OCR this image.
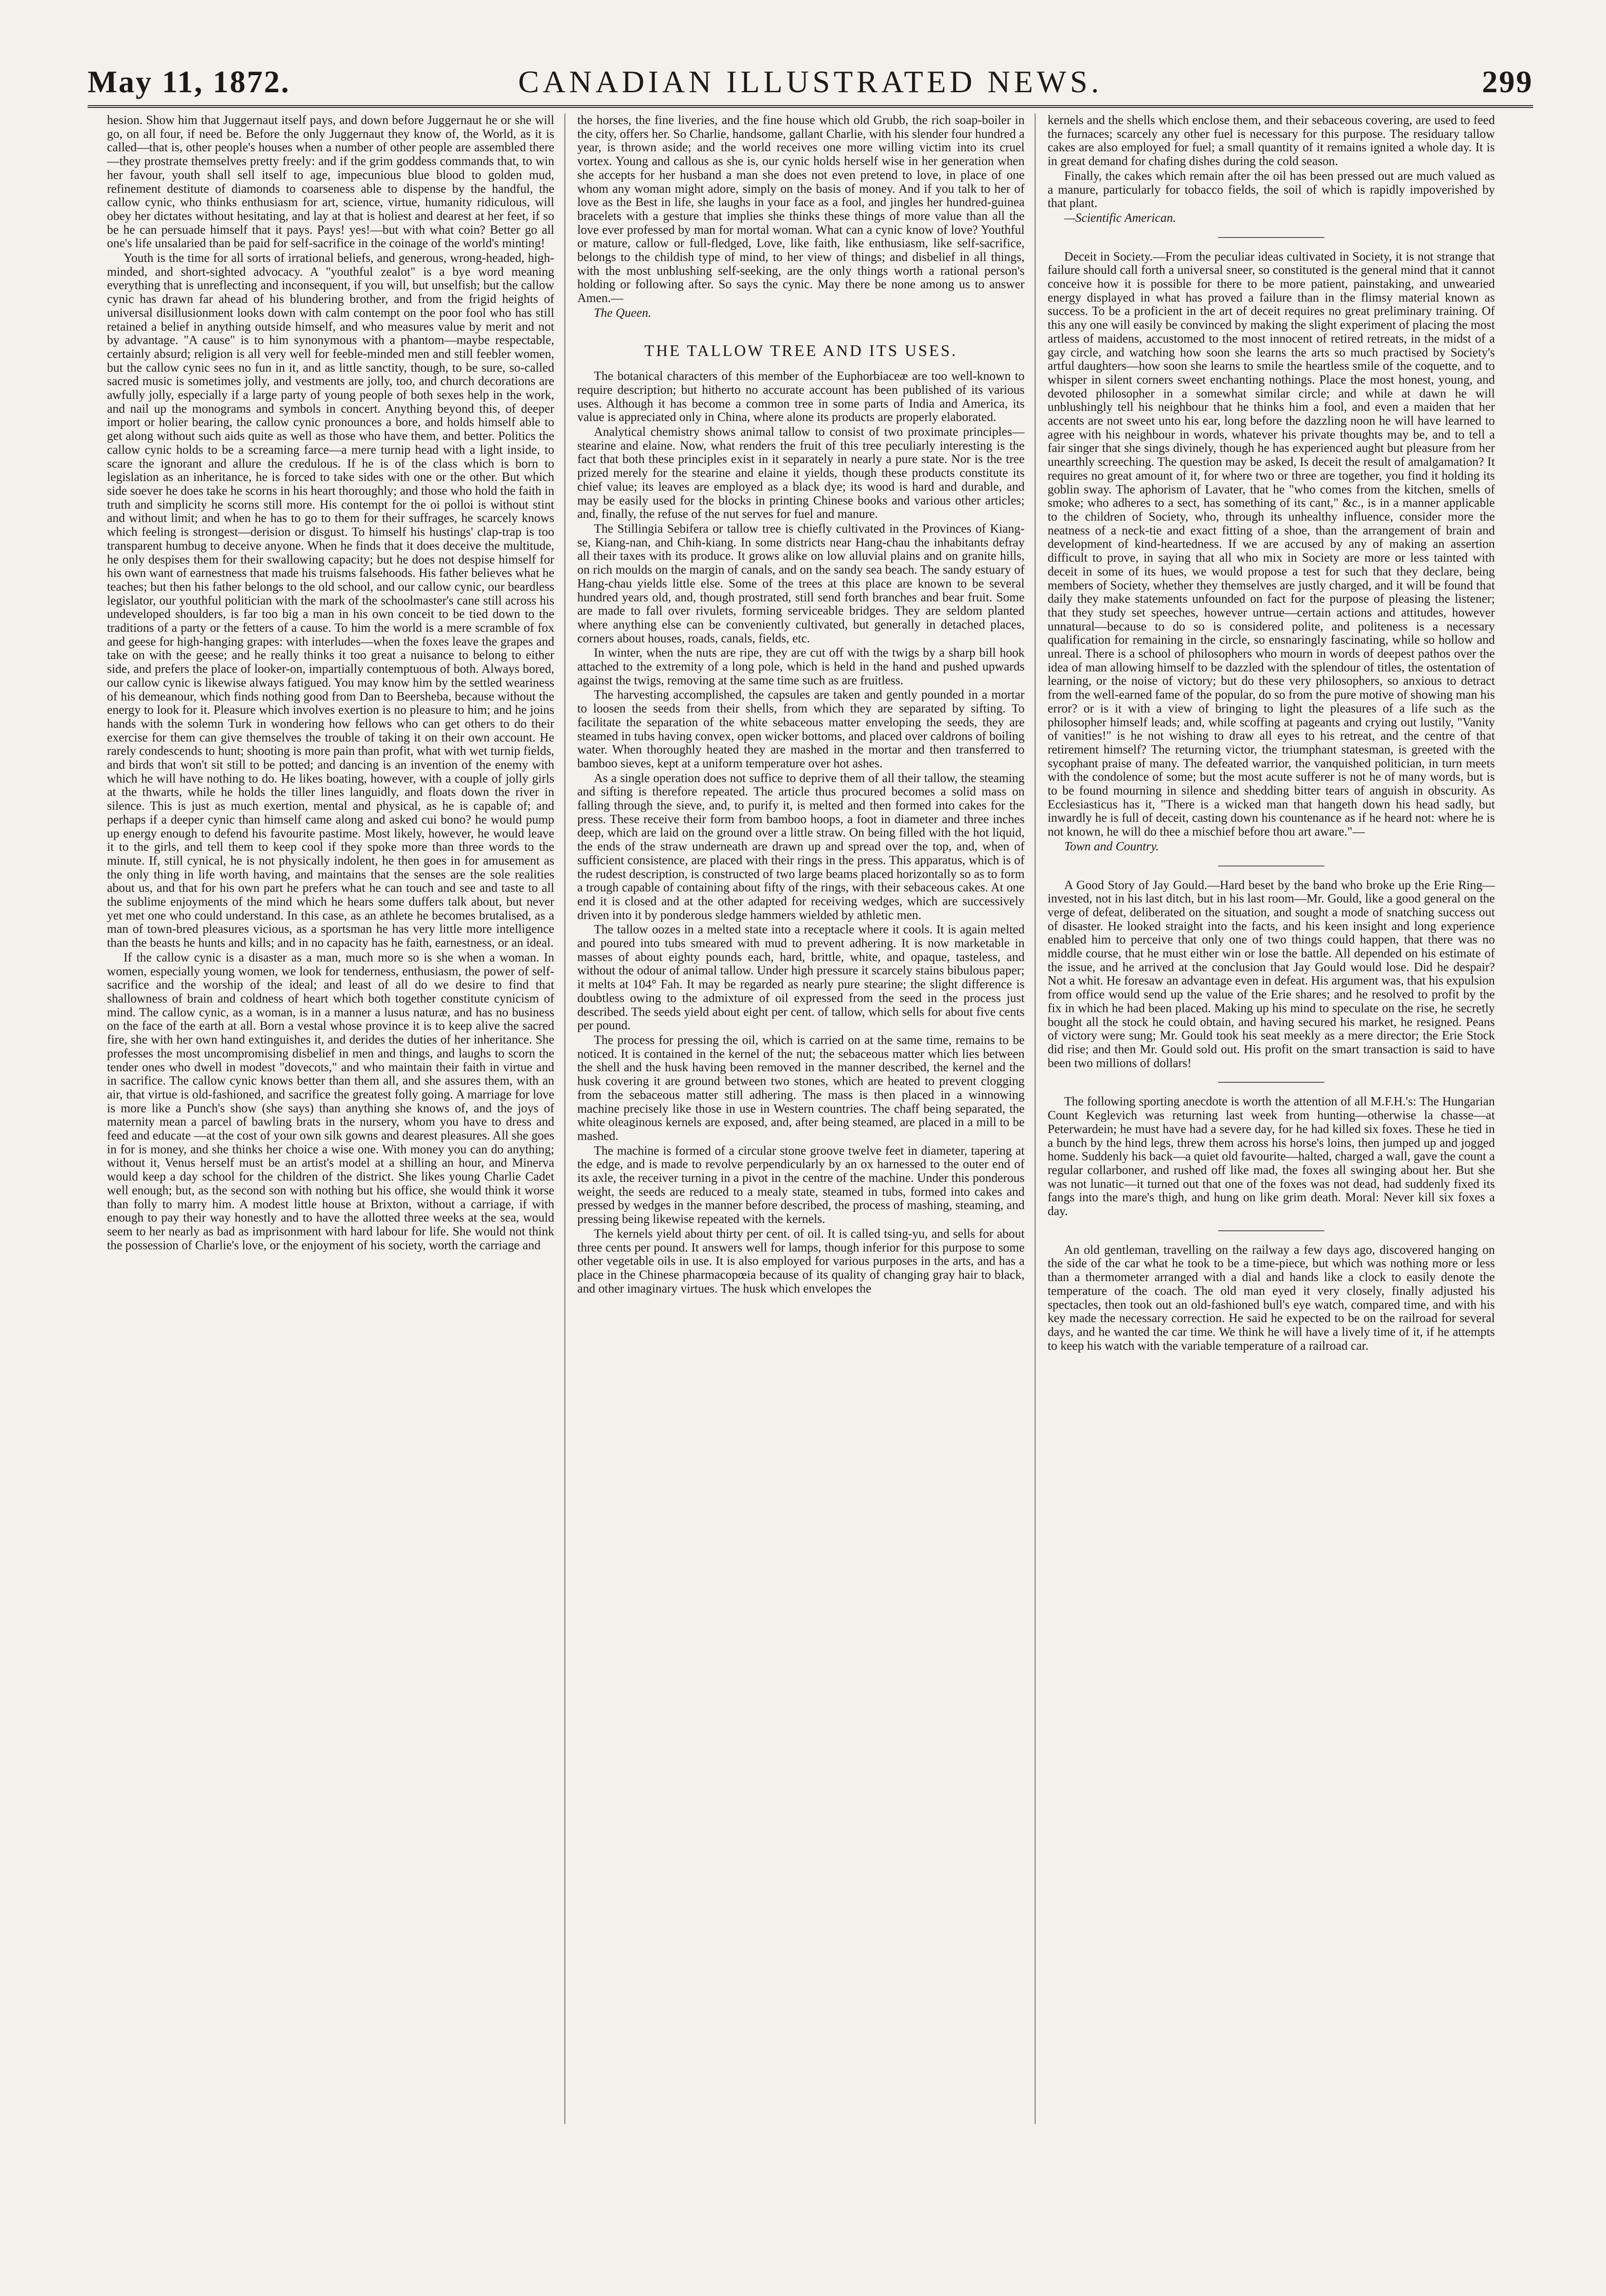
May 11, 1872.	CANADIAN ILLUSTRATED NEWS.	299

hesion. Show him that Juggernaut itself pays, and down before Juggernaut he or she will go, on all four, if need be. Before the only Juggernaut they know of, the World, as it is called—that is, other people's houses when a number of other people are assembled there—they prostrate themselves pretty freely: and if the grim goddess commands that, to win her favour, youth shall sell itself to age, impecunious blue blood to golden mud, refinement destitute of diamonds to coarseness able to dispense by the handful, the callow cynic, who thinks enthusiasm for art, science, virtue, humanity ridiculous, will obey her dictates without hesitating, and lay at that is holiest and dearest at her feet, if so be he can persuade himself that it pays. Pays! yes!—but with what coin? Better go all one's life unsalaried than be paid for self-sacrifice in the coinage of the world's minting!

Youth is the time for all sorts of irrational beliefs, and generous, wrong-headed, high-minded, and short-sighted advocacy. A "youthful zealot" is a bye word meaning everything that is unreflecting and inconsequent, if you will, but unselfish; but the callow cynic has drawn far ahead of his blundering brother, and from the frigid heights of universal disillusionment looks down with calm contempt on the poor fool who has still retained a belief in anything outside himself, and who measures value by merit and not by advantage. "A cause" is to him synonymous with a phantom—maybe respectable, certainly absurd; religion is all very well for feeble-minded men and still feebler women, but the callow cynic sees no fun in it, and as little sanctity, though, to be sure, so-called sacred music is sometimes jolly, and vestments are jolly, too, and church decorations are awfully jolly, especially if a large party of young people of both sexes help in the work, and nail up the monograms and symbols in concert. Anything beyond this, of deeper import or holier bearing, the callow cynic pronounces a bore, and holds himself able to get along without such aids quite as well as those who have them, and better. Politics the callow cynic holds to be a screaming farce—a mere turnip head with a light inside, to scare the ignorant and allure the credulous. If he is of the class which is born to legislation as an inheritance, he is forced to take sides with one or the other. But which side soever he does take he scorns in his heart thoroughly; and those who hold the faith in truth and simplicity he scorns still more. His contempt for the oi polloi is without stint and without limit; and when he has to go to them for their suffrages, he scarcely knows which feeling is strongest—derision or disgust. To himself his hustings' clap-trap is too transparent humbug to deceive anyone. When he finds that it does deceive the multitude, he only despises them for their swallowing capacity; but he does not despise himself for his own want of earnestness that made his truisms falsehoods. His father believes what he teaches; but then his father belongs to the old school, and our callow cynic, our beardless legislator, our youthful politician with the mark of the schoolmaster's cane still across his undeveloped shoulders, is far too big a man in his own conceit to be tied down to the traditions of a party or the fetters of a cause. To him the world is a mere scramble of fox and geese for high-hanging grapes: with interludes—when the foxes leave the grapes and take on with the geese; and he really thinks it too great a nuisance to belong to either side, and prefers the place of looker-on, impartially contemptuous of both. Always bored, our callow cynic is likewise always fatigued. You may know him by the settled weariness of his demeanour, which finds nothing good from Dan to Beersheba, because without the energy to look for it. Pleasure which involves exertion is no pleasure to him; and he joins hands with the solemn Turk in wondering how fellows who can get others to do their exercise for them can give themselves the trouble of taking it on their own account. He rarely condescends to hunt; shooting is more pain than profit, what with wet turnip fields, and birds that won't sit still to be potted; and dancing is an invention of the enemy with which he will have nothing to do. He likes boating, however, with a couple of jolly girls at the thwarts, while he holds the tiller lines languidly, and floats down the river in silence. This is just as much exertion, mental and physical, as he is capable of; and perhaps if a deeper cynic than himself came along and asked cui bono? he would pump up energy enough to defend his favourite pastime. Most likely, however, he would leave it to the girls, and tell them to keep cool if they spoke more than three words to the minute. If, still cynical, he is not physically indolent, he then goes in for amusement as the only thing in life worth having, and maintains that the senses are the sole realities about us, and that for his own part he prefers what he can touch and see and taste to all the sublime enjoyments of the mind which he hears some duffers talk about, but never yet met one who could understand. In this case, as an athlete he becomes brutalised, as a man of town-bred pleasures vicious, as a sportsman he has very little more intelligence than the beasts he hunts and kills; and in no capacity has he faith, earnestness, or an ideal.

If the callow cynic is a disaster as a man, much more so is she when a woman. In women, especially young women, we look for tenderness, enthusiasm, the power of self-sacrifice and the worship of the ideal; and least of all do we desire to find that shallowness of brain and coldness of heart which both together constitute cynicism of mind. The callow cynic, as a woman, is in a manner a lusus naturæ, and has no business on the face of the earth at all. Born a vestal whose province it is to keep alive the sacred fire, she with her own hand extinguishes it, and derides the duties of her inheritance. She professes the most uncompromising disbelief in men and things, and laughs to scorn the tender ones who dwell in modest "dovecots," and who maintain their faith in virtue and in sacrifice. The callow cynic knows better than them all, and she assures them, with an air, that virtue is old-fashioned, and sacrifice the greatest folly going. A marriage for love is more like a Punch's show (she says) than anything she knows of, and the joys of maternity mean a parcel of bawling brats in the nursery, whom you have to dress and feed and educate —at the cost of your own silk gowns and dearest pleasures. All she goes in for is money, and she thinks her choice a wise one. With money you can do anything; without it, Venus herself must be an artist's model at a shilling an hour, and Minerva would keep a day school for the children of the district. She likes young Charlie Cadet well enough; but, as the second son with nothing but his office, she would think it worse than folly to marry him. A modest little house at Brixton, without a carriage, if with enough to pay their way honestly and to have the allotted three weeks at the sea, would seem to her nearly as bad as imprisonment with hard labour for life. She would not think the possession of Charlie's love, or the enjoyment of his society, worth the carriage and

the horses, the fine liveries, and the fine house which old Grubb, the rich soap-boiler in the city, offers her. So Charlie, handsome, gallant Charlie, with his slender four hundred a year, is thrown aside; and the world receives one more willing victim into its cruel vortex. Young and callous as she is, our cynic holds herself wise in her generation when she accepts for her husband a man she does not even pretend to love, in place of one whom any woman might adore, simply on the basis of money. And if you talk to her of love as the Best in life, she laughs in your face as a fool, and jingles her hundred-guinea bracelets with a gesture that implies she thinks these things of more value than all the love ever professed by man for mortal woman. What can a cynic know of love? Youthful or mature, callow or full-fledged, Love, like faith, like enthusiasm, like self-sacrifice, belongs to the childish type of mind, to her view of things; and disbelief in all things, with the most unblushing self-seeking, are the only things worth a rational person's holding or following after. So says the cynic. May there be none among us to answer Amen.—

The Queen.

THE TALLOW TREE AND ITS USES.

The botanical characters of this member of the Euphorbiaceæ are too well-known to require description; but hitherto no accurate account has been published of its various uses. Although it has become a common tree in some parts of India and America, its value is appreciated only in China, where alone its products are properly elaborated.

Analytical chemistry shows animal tallow to consist of two proximate principles—stearine and elaine. Now, what renders the fruit of this tree peculiarly interesting is the fact that both these principles exist in it separately in nearly a pure state. Nor is the tree prized merely for the stearine and elaine it yields, though these products constitute its chief value; its leaves are employed as a black dye; its wood is hard and durable, and may be easily used for the blocks in printing Chinese books and various other articles; and, finally, the refuse of the nut serves for fuel and manure.

The Stillingia Sebifera or tallow tree is chiefly cultivated in the Provinces of Kiang-se, Kiang-nan, and Chih-kiang. In some districts near Hang-chau the inhabitants defray all their taxes with its produce. It grows alike on low alluvial plains and on granite hills, on rich moulds on the margin of canals, and on the sandy sea beach. The sandy estuary of Hang-chau yields little else. Some of the trees at this place are known to be several hundred years old, and, though prostrated, still send forth branches and bear fruit. Some are made to fall over rivulets, forming serviceable bridges. They are seldom planted where anything else can be conveniently cultivated, but generally in detached places, corners about houses, roads, canals, fields, etc.

In winter, when the nuts are ripe, they are cut off with the twigs by a sharp bill hook attached to the extremity of a long pole, which is held in the hand and pushed upwards against the twigs, removing at the same time such as are fruitless.

The harvesting accomplished, the capsules are taken and gently pounded in a mortar to loosen the seeds from their shells, from which they are separated by sifting. To facilitate the separation of the white sebaceous matter enveloping the seeds, they are steamed in tubs having convex, open wicker bottoms, and placed over caldrons of boiling water. When thoroughly heated they are mashed in the mortar and then transferred to bamboo sieves, kept at a uniform temperature over hot ashes.

As a single operation does not suffice to deprive them of all their tallow, the steaming and sifting is therefore repeated. The article thus procured becomes a solid mass on falling through the sieve, and, to purify it, is melted and then formed into cakes for the press. These receive their form from bamboo hoops, a foot in diameter and three inches deep, which are laid on the ground over a little straw. On being filled with the hot liquid, the ends of the straw underneath are drawn up and spread over the top, and, when of sufficient consistence, are placed with their rings in the press. This apparatus, which is of the rudest description, is constructed of two large beams placed horizontally so as to form a trough capable of containing about fifty of the rings, with their sebaceous cakes. At one end it is closed and at the other adapted for receiving wedges, which are successively driven into it by ponderous sledge hammers wielded by athletic men.

The tallow oozes in a melted state into a receptacle where it cools. It is again melted and poured into tubs smeared with mud to prevent adhering. It is now marketable in masses of about eighty pounds each, hard, brittle, white, and opaque, tasteless, and without the odour of animal tallow. Under high pressure it scarcely stains bibulous paper; it melts at 104° Fah. It may be regarded as nearly pure stearine; the slight difference is doubtless owing to the admixture of oil expressed from the seed in the process just described. The seeds yield about eight per cent. of tallow, which sells for about five cents per pound.

The process for pressing the oil, which is carried on at the same time, remains to be noticed. It is contained in the kernel of the nut; the sebaceous matter which lies between the shell and the husk having been removed in the manner described, the kernel and the husk covering it are ground between two stones, which are heated to prevent clogging from the sebaceous matter still adhering. The mass is then placed in a winnowing machine precisely like those in use in Western countries. The chaff being separated, the white oleaginous kernels are exposed, and, after being steamed, are placed in a mill to be mashed.

The machine is formed of a circular stone groove twelve feet in diameter, tapering at the edge, and is made to revolve perpendicularly by an ox harnessed to the outer end of its axle, the receiver turning in a pivot in the centre of the machine. Under this ponderous weight, the seeds are reduced to a mealy state, steamed in tubs, formed into cakes and pressed by wedges in the manner before described, the process of mashing, steaming, and pressing being likewise repeated with the kernels.

The kernels yield about thirty per cent. of oil. It is called tsing-yu, and sells for about three cents per pound. It answers well for lamps, though inferior for this purpose to some other vegetable oils in use. It is also employed for various purposes in the arts, and has a place in the Chinese pharmacopœia because of its quality of changing gray hair to black, and other imaginary virtues. The husk which envelopes the

kernels and the shells which enclose them, and their sebaceous covering, are used to feed the furnaces; scarcely any other fuel is necessary for this purpose. The residuary tallow cakes are also employed for fuel; a small quantity of it remains ignited a whole day. It is in great demand for chafing dishes during the cold season.

Finally, the cakes which remain after the oil has been pressed out are much valued as a manure, particularly for tobacco fields, the soil of which is rapidly impoverished by that plant.

—Scientific American.

Deceit in Society.—From the peculiar ideas cultivated in Society, it is not strange that failure should call forth a universal sneer, so constituted is the general mind that it cannot conceive how it is possible for there to be more patient, painstaking, and unwearied energy displayed in what has proved a failure than in the flimsy material known as success. To be a proficient in the art of deceit requires no great preliminary training. Of this any one will easily be convinced by making the slight experiment of placing the most artless of maidens, accustomed to the most innocent of retired retreats, in the midst of a gay circle, and watching how soon she learns the arts so much practised by Society's artful daughters—how soon she learns to smile the heartless smile of the coquette, and to whisper in silent corners sweet enchanting nothings. Place the most honest, young, and devoted philosopher in a somewhat similar circle; and while at dawn he will unblushingly tell his neighbour that he thinks him a fool, and even a maiden that her accents are not sweet unto his ear, long before the dazzling noon he will have learned to agree with his neighbour in words, whatever his private thoughts may be, and to tell a fair singer that she sings divinely, though he has experienced aught but pleasure from her unearthly screeching. The question may be asked, Is deceit the result of amalgamation? It requires no great amount of it, for where two or three are together, you find it holding its goblin sway. The aphorism of Lavater, that he "who comes from the kitchen, smells of smoke; who adheres to a sect, has something of its cant," &c., is in a manner applicable to the children of Society, who, through its unhealthy influence, consider more the neatness of a neck-tie and exact fitting of a shoe, than the arrangement of brain and development of kind-heartedness. If we are accused by any of making an assertion difficult to prove, in saying that all who mix in Society are more or less tainted with deceit in some of its hues, we would propose a test for such that they declare, being members of Society, whether they themselves are justly charged, and it will be found that daily they make statements unfounded on fact for the purpose of pleasing the listener; that they study set speeches, however untrue—certain actions and attitudes, however unnatural—because to do so is considered polite, and politeness is a necessary qualification for remaining in the circle, so ensnaringly fascinating, while so hollow and unreal. There is a school of philosophers who mourn in words of deepest pathos over the idea of man allowing himself to be dazzled with the splendour of titles, the ostentation of learning, or the noise of victory; but do these very philosophers, so anxious to detract from the well-earned fame of the popular, do so from the pure motive of showing man his error? or is it with a view of bringing to light the pleasures of a life such as the philosopher himself leads; and, while scoffing at pageants and crying out lustily, "Vanity of vanities!" is he not wishing to draw all eyes to his retreat, and the centre of that retirement himself? The returning victor, the triumphant statesman, is greeted with the sycophant praise of many. The defeated warrior, the vanquished politician, in turn meets with the condolence of some; but the most acute sufferer is not he of many words, but is to be found mourning in silence and shedding bitter tears of anguish in obscurity. As Ecclesiasticus has it, "There is a wicked man that hangeth down his head sadly, but inwardly he is full of deceit, casting down his countenance as if he heard not: where he is not known, he will do thee a mischief before thou art aware."—

Town and Country.

A Good Story of Jay Gould.—Hard beset by the band who broke up the Erie Ring—invested, not in his last ditch, but in his last room—Mr. Gould, like a good general on the verge of defeat, deliberated on the situation, and sought a mode of snatching success out of disaster. He looked straight into the facts, and his keen insight and long experience enabled him to perceive that only one of two things could happen, that there was no middle course, that he must either win or lose the battle. All depended on his estimate of the issue, and he arrived at the conclusion that Jay Gould would lose. Did he despair? Not a whit. He foresaw an advantage even in defeat. His argument was, that his expulsion from office would send up the value of the Erie shares; and he resolved to profit by the fix in which he had been placed. Making up his mind to speculate on the rise, he secretly bought all the stock he could obtain, and having secured his market, he resigned. Peans of victory were sung; Mr. Gould took his seat meekly as a mere director; the Erie Stock did rise; and then Mr. Gould sold out. His profit on the smart transaction is said to have been two millions of dollars!

The following sporting anecdote is worth the attention of all M.F.H.'s: The Hungarian Count Keglevich was returning last week from hunting—otherwise la chasse—at Peterwardein; he must have had a severe day, for he had killed six foxes. These he tied in a bunch by the hind legs, threw them across his horse's loins, then jumped up and jogged home. Suddenly his back—a quiet old favourite—halted, charged a wall, gave the count a regular collarboner, and rushed off like mad, the foxes all swinging about her. But she was not lunatic—it turned out that one of the foxes was not dead, had suddenly fixed its fangs into the mare's thigh, and hung on like grim death. Moral: Never kill six foxes a day.

An old gentleman, travelling on the railway a few days ago, discovered hanging on the side of the car what he took to be a time-piece, but which was nothing more or less than a thermometer arranged with a dial and hands like a clock to easily denote the temperature of the coach. The old man eyed it very closely, finally adjusted his spectacles, then took out an old-fashioned bull's eye watch, compared time, and with his key made the necessary correction. He said he expected to be on the railroad for several days, and he wanted the car time. We think he will have a lively time of it, if he attempts to keep his watch with the variable temperature of a railroad car.
